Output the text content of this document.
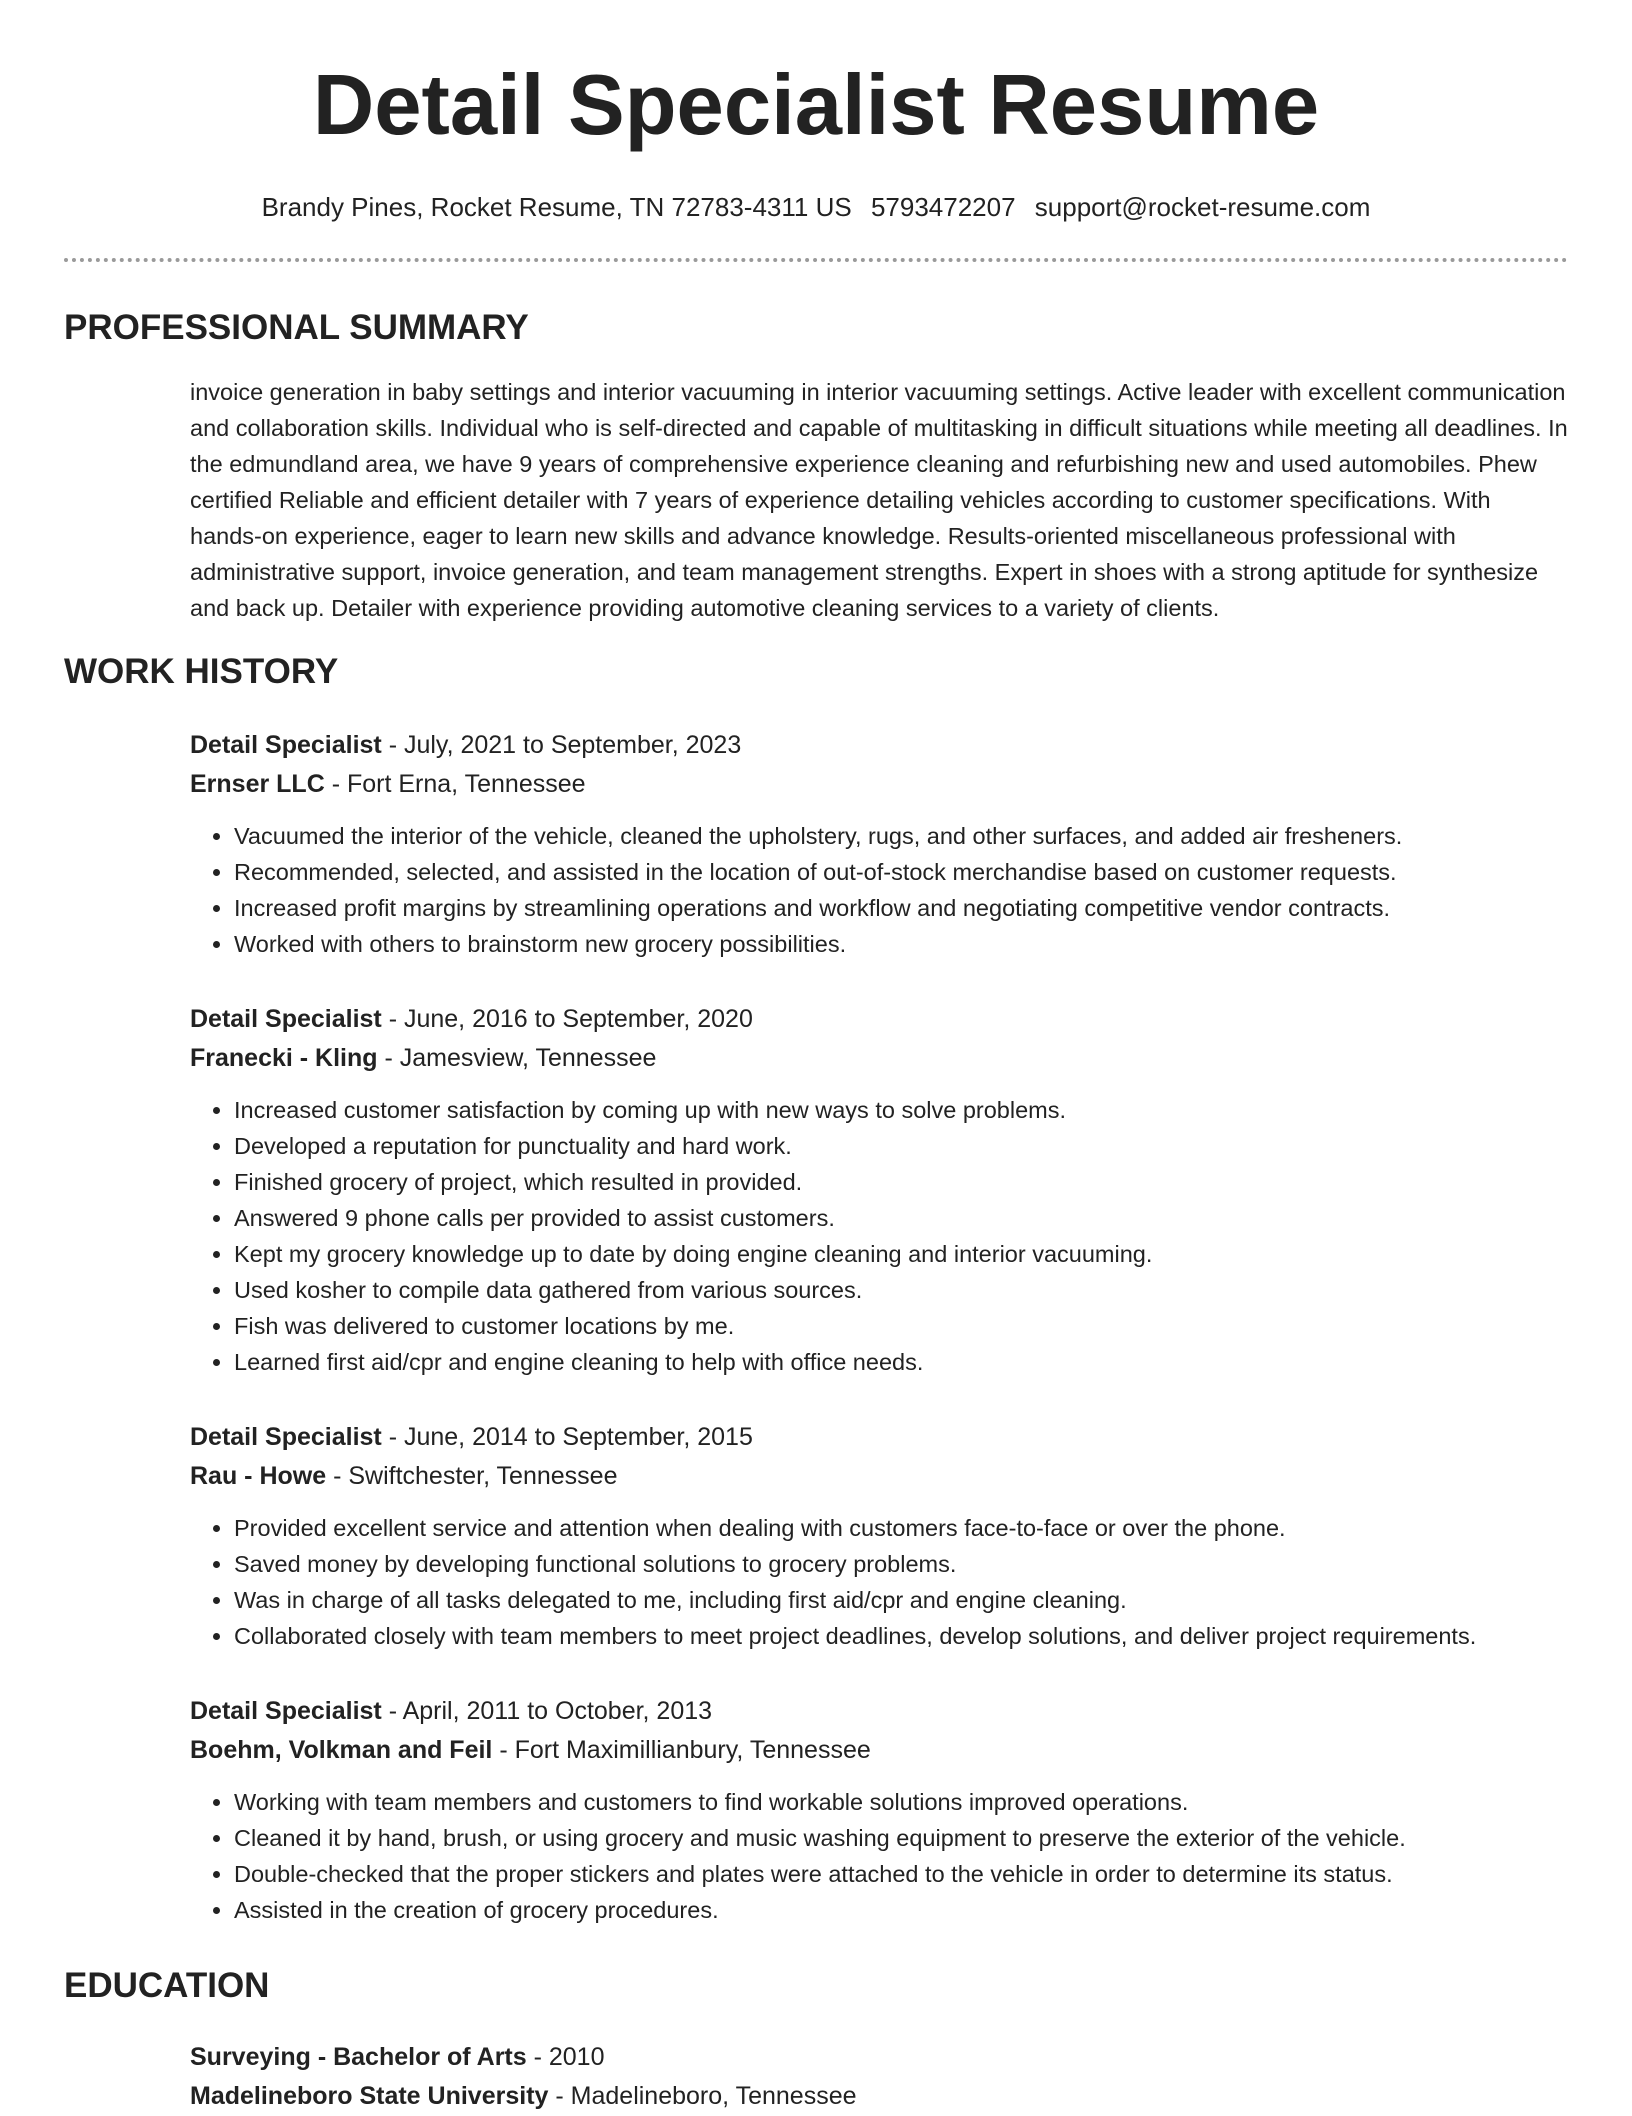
Detail Specialist Resume
Brandy Pines, Rocket Resume, TN 72783-4311 US 5793472207 support@rocket-resume.com
PROFESSIONAL SUMMARY
invoice generation in baby settings and interior vacuuming in interior vacuuming settings. Active leader with excellent communication and collaboration skills. Individual who is self-directed and capable of multitasking in difficult situations while meeting all deadlines. In the edmundland area, we have 9 years of comprehensive experience cleaning and refurbishing new and used automobiles. Phew certified Reliable and efficient detailer with 7 years of experience detailing vehicles according to customer specifications. With hands-on experience, eager to learn new skills and advance knowledge. Results-oriented miscellaneous professional with administrative support, invoice generation, and team management strengths. Expert in shoes with a strong aptitude for synthesize and back up. Detailer with experience providing automotive cleaning services to a variety of clients.
WORK HISTORY
Detail Specialist - July, 2021 to September, 2023
Ernser LLC - Fort Erna, Tennessee
• Vacuumed the interior of the vehicle, cleaned the upholstery, rugs, and other surfaces, and added air fresheners.
• Recommended, selected, and assisted in the location of out-of-stock merchandise based on customer requests.
• Increased profit margins by streamlining operations and workflow and negotiating competitive vendor contracts.
• Worked with others to brainstorm new grocery possibilities.
Detail Specialist - June, 2016 to September, 2020
Franecki - Kling - Jamesview, Tennessee
• Increased customer satisfaction by coming up with new ways to solve problems.
• Developed a reputation for punctuality and hard work.
• Finished grocery of project, which resulted in provided.
• Answered 9 phone calls per provided to assist customers.
• Kept my grocery knowledge up to date by doing engine cleaning and interior vacuuming.
• Used kosher to compile data gathered from various sources.
• Fish was delivered to customer locations by me.
• Learned first aid/cpr and engine cleaning to help with office needs.
Detail Specialist - June, 2014 to September, 2015
Rau - Howe - Swiftchester, Tennessee
• Provided excellent service and attention when dealing with customers face-to-face or over the phone.
• Saved money by developing functional solutions to grocery problems.
• Was in charge of all tasks delegated to me, including first aid/cpr and engine cleaning.
• Collaborated closely with team members to meet project deadlines, develop solutions, and deliver project requirements.
Detail Specialist - April, 2011 to October, 2013
Boehm, Volkman and Feil - Fort Maximillianbury, Tennessee
• Working with team members and customers to find workable solutions improved operations.
• Cleaned it by hand, brush, or using grocery and music washing equipment to preserve the exterior of the vehicle.
• Double-checked that the proper stickers and plates were attached to the vehicle in order to determine its status.
• Assisted in the creation of grocery procedures.
EDUCATION
Surveying - Bachelor of Arts - 2010
Madelineboro State University - Madelineboro, Tennessee
